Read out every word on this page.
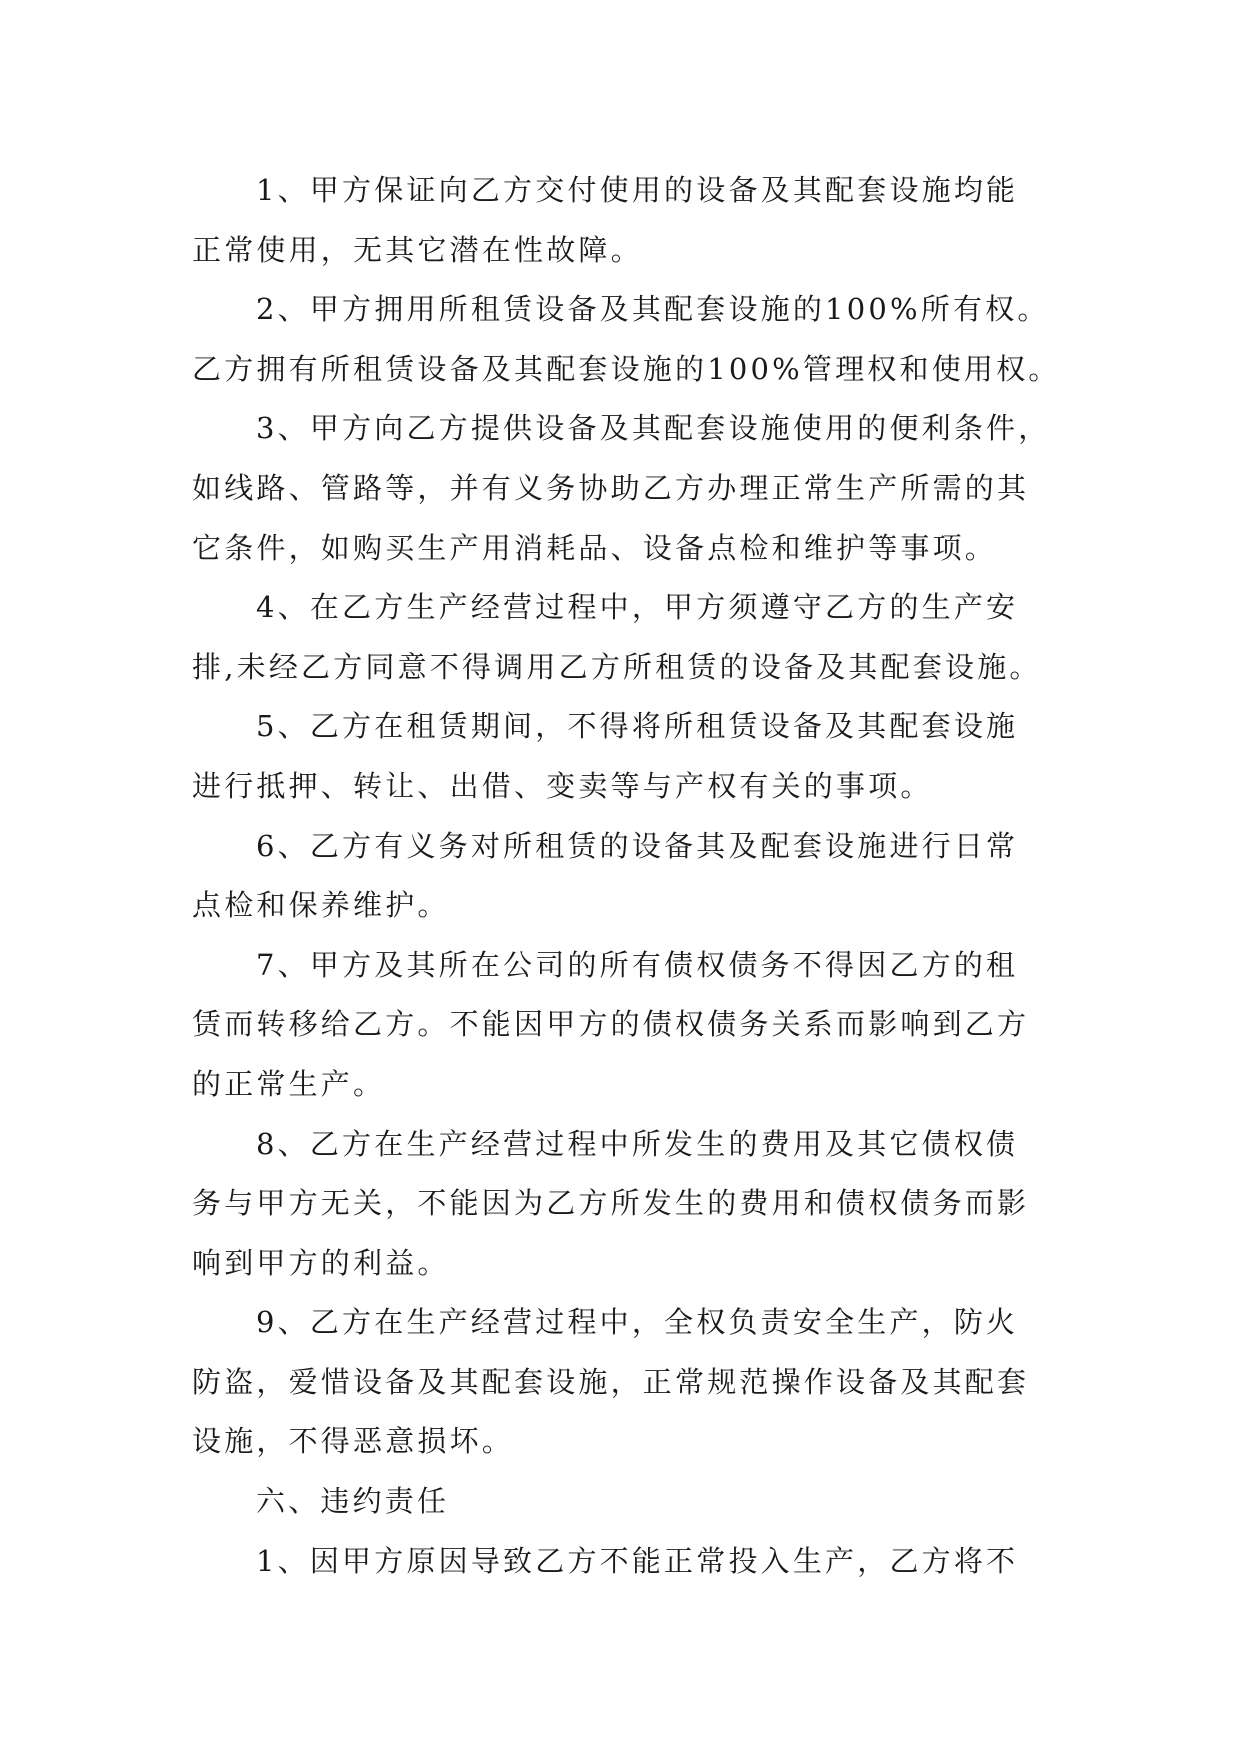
1、甲方保证向乙方交付使用的设备及其配套设施均能
正常使用，无其它潜在性故障。
2、甲方拥用所租赁设备及其配套设施的100%所有权。
乙方拥有所租赁设备及其配套设施的100%管理权和使用权。
3、甲方向乙方提供设备及其配套设施使用的便利条件，
如线路、管路等，并有义务协助乙方办理正常生产所需的其
它条件，如购买生产用消耗品、设备点检和维护等事项。
4、在乙方生产经营过程中，甲方须遵守乙方的生产安
排,未经乙方同意不得调用乙方所租赁的设备及其配套设施。
5、乙方在租赁期间，不得将所租赁设备及其配套设施
进行抵押、转让、出借、变卖等与产权有关的事项。
6、乙方有义务对所租赁的设备其及配套设施进行日常
点检和保养维护。
7、甲方及其所在公司的所有债权债务不得因乙方的租
赁而转移给乙方。不能因甲方的债权债务关系而影响到乙方
的正常生产。
8、乙方在生产经营过程中所发生的费用及其它债权债
务与甲方无关，不能因为乙方所发生的费用和债权债务而影
响到甲方的利益。
9、乙方在生产经营过程中，全权负责安全生产，防火
防盗，爱惜设备及其配套设施，正常规范操作设备及其配套
设施，不得恶意损坏。
六、违约责任
1、因甲方原因导致乙方不能正常投入生产，乙方将不
